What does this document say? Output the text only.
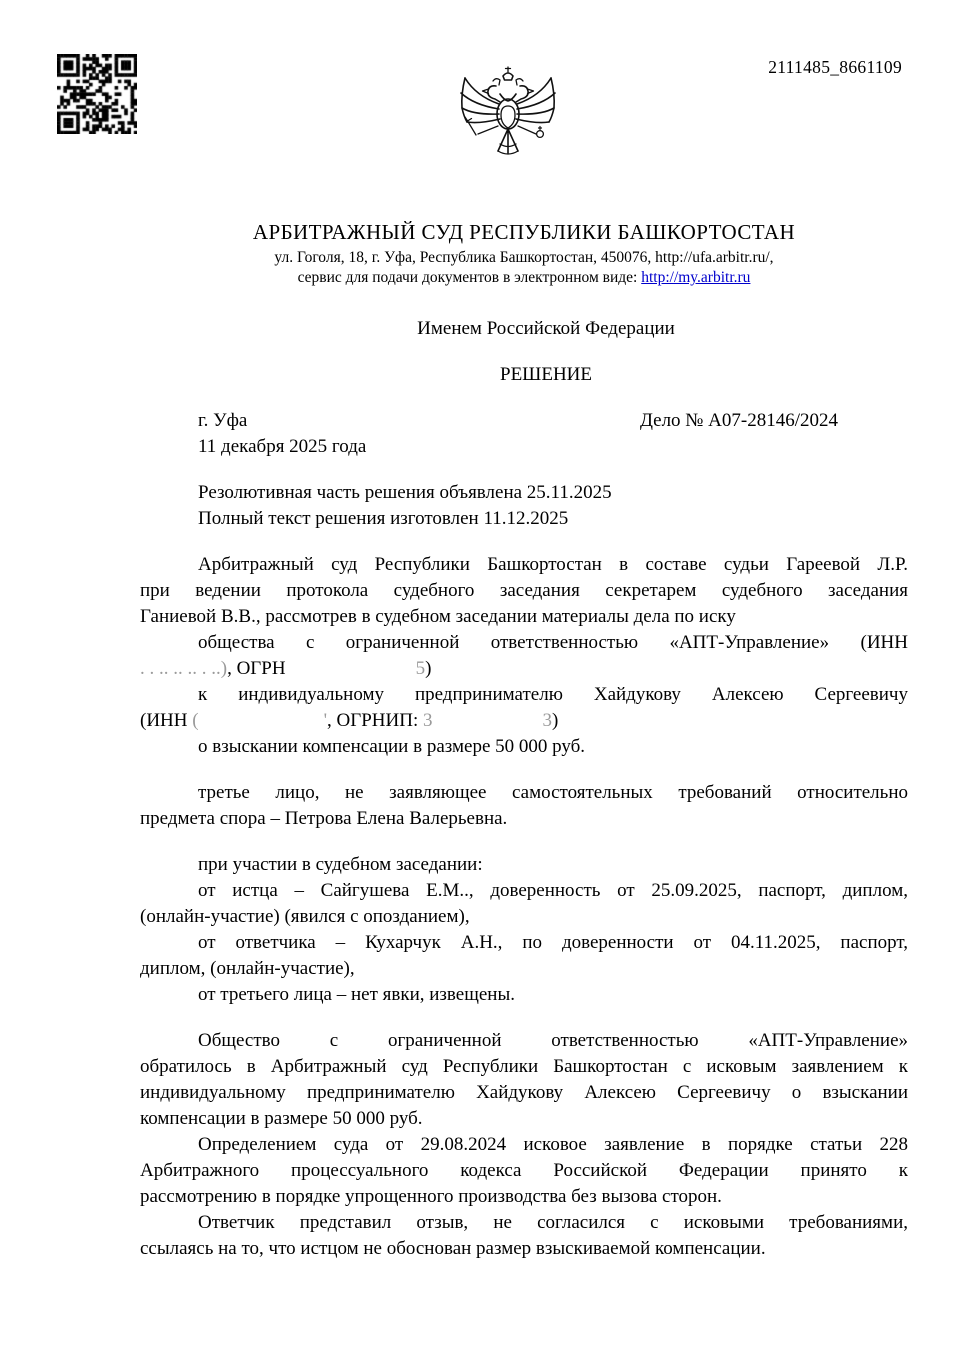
2111485_8661109
АРБИТРАЖНЫЙ СУД РЕСПУБЛИКИ БАШКОРТОСТАН
ул. Гоголя, 18, г. Уфа, Республика Башкортостан, 450076, http://ufa.arbitr.ru/,
сервис для подачи документов в электронном виде: http://my.arbitr.ru
Именем Российской Федерации
РЕШЕНИЕ
г. Уфа	Дело № А07-28146/2024
11 декабря 2025 года
Резолютивная часть решения объявлена 25.11.2025
Полный текст решения изготовлен 11.12.2025
Арбитражный суд Республики Башкортостан в составе судьи Гареевой Л.Р.
при ведении протокола судебного заседания секретарем судебного заседания
Ганиевой В.В., рассмотрев в судебном заседании материалы дела по иску
общества с ограниченной ответственностью «АПТ-Управление» (ИНН
. . .. .. .. . ..), ОГРН	5)
к индивидуальному предпринимателю Хайдукову Алексею Сергеевичу
(ИНН (	', ОГРНИП: 3	3)
о взыскании компенсации в размере 50 000 руб.
третье лицо, не заявляющее самостоятельных требований относительно
предмета спора – Петрова Елена Валерьевна.
при участии в судебном заседании:
от истца – Сайгушева Е.М.., доверенность от 25.09.2025, паспорт, диплом,
(онлайн-участие) (явился с опозданием),
от ответчика – Кухарчук А.Н., по доверенности от 04.11.2025, паспорт,
диплом, (онлайн-участие),
от третьего лица – нет явки, извещены.
Общество с ограниченной ответственностью «АПТ-Управление»
обратилось в Арбитражный суд Республики Башкортостан с исковым заявлением к
индивидуальному предпринимателю Хайдукову Алексею Сергеевичу о взыскании
компенсации в размере 50 000 руб.
Определением суда от 29.08.2024 исковое заявление в порядке статьи 228
Арбитражного процессуального кодекса Российской Федерации принято к
рассмотрению в порядке упрощенного производства без вызова сторон.
Ответчик представил отзыв, не согласился с исковыми требованиями,
ссылаясь на то, что истцом не обоснован размер взыскиваемой компенсации.
